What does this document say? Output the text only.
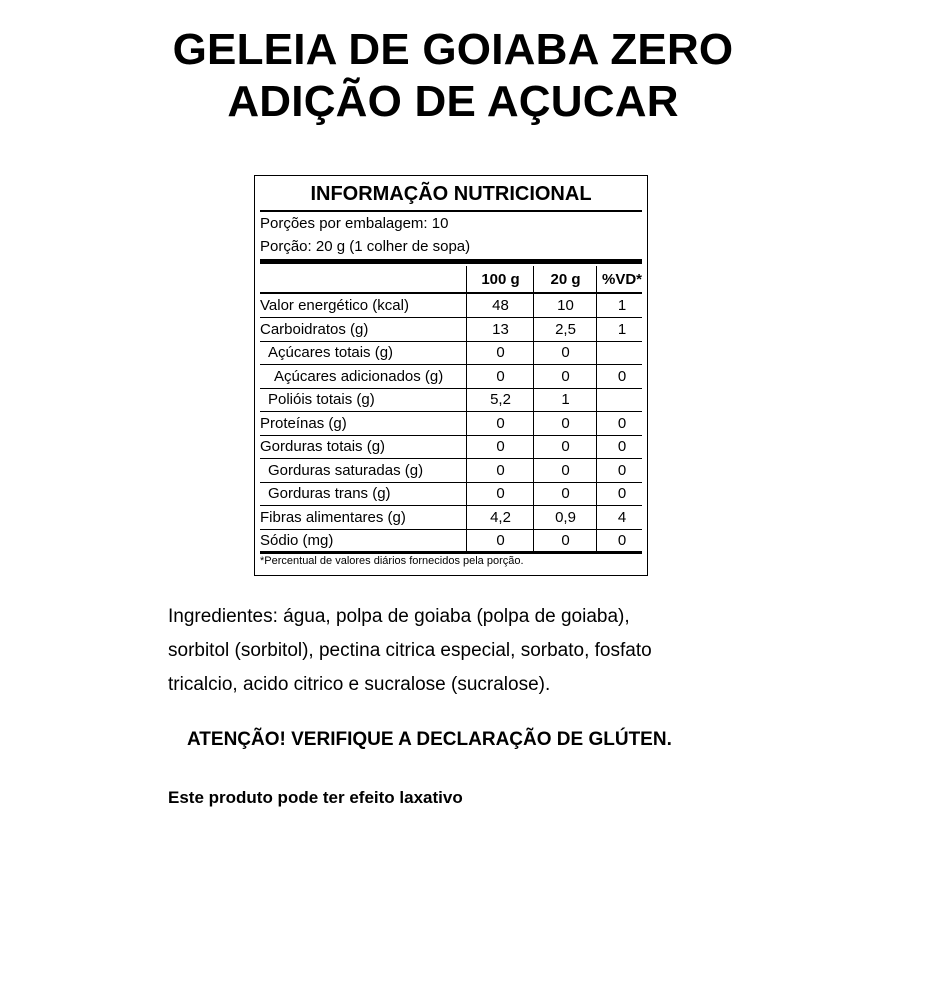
GELEIA DE GOIABA ZERO
ADIÇÃO DE AÇUCAR
INFORMAÇÃO NUTRICIONAL
Porções por embalagem: 10
Porção: 20 g (1 colher de sopa)
100 g	20 g	%VD*
Valor energético (kcal)	48	10	1
Carboidratos (g)	13	2,5	1
Açúcares totais (g)	0	0
Açúcares adicionados (g)	0	0	0
Polióis totais (g)	5,2	1
Proteínas (g)	0	0	0
Gorduras totais (g)	0	0	0
Gorduras saturadas (g)	0	0	0
Gorduras trans (g)	0	0	0
Fibras alimentares (g)	4,2	0,9	4
Sódio (mg)	0	0	0
*Percentual de valores diários fornecidos pela porção.
Ingredientes: água, polpa de goiaba (polpa de goiaba),
sorbitol (sorbitol), pectina citrica especial, sorbato, fosfato
tricalcio, acido citrico e sucralose (sucralose).
ATENÇÃO! VERIFIQUE A DECLARAÇÃO DE GLÚTEN.
Este produto pode ter efeito laxativo
